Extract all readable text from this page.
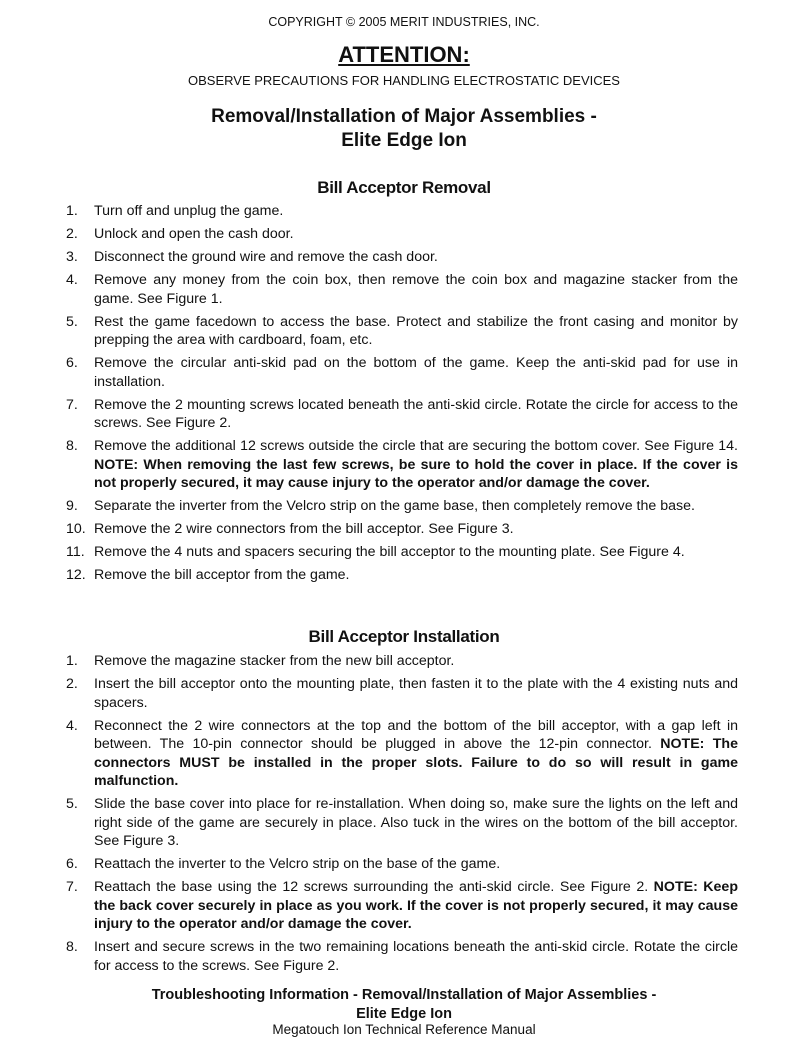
COPYRIGHT © 2005 MERIT INDUSTRIES, INC.
ATTENTION:
OBSERVE PRECAUTIONS FOR HANDLING ELECTROSTATIC DEVICES
Removal/Installation of Major Assemblies -
Elite Edge Ion
Bill Acceptor Removal
1. Turn off and unplug the game.
2. Unlock and open the cash door.
3. Disconnect the ground wire and remove the cash door.
4. Remove any money from the coin box, then remove the coin box and magazine stacker from the game. See Figure 1.
5. Rest the game facedown to access the base. Protect and stabilize the front casing and monitor by prepping the area with cardboard, foam, etc.
6. Remove the circular anti-skid pad on the bottom of the game. Keep the anti-skid pad for use in installation.
7. Remove the 2 mounting screws located beneath the anti-skid circle. Rotate the circle for access to the screws. See Figure 2.
8. Remove the additional 12 screws outside the circle that are securing the bottom cover. See Figure 14. NOTE: When removing the last few screws, be sure to hold the cover in place. If the cover is not properly secured, it may cause injury to the operator and/or damage the cover.
9. Separate the inverter from the Velcro strip on the game base, then completely remove the base.
10. Remove the 2 wire connectors from the bill acceptor. See Figure 3.
11. Remove the 4 nuts and spacers securing the bill acceptor to the mounting plate. See Figure 4.
12. Remove the bill acceptor from the game.
Bill Acceptor Installation
1. Remove the magazine stacker from the new bill acceptor.
2. Insert the bill acceptor onto the mounting plate, then fasten it to the plate with the 4 existing nuts and spacers.
4. Reconnect the 2 wire connectors at the top and the bottom of the bill acceptor, with a gap left in between. The 10-pin connector should be plugged in above the 12-pin connector. NOTE: The connectors MUST be installed in the proper slots. Failure to do so will result in game malfunction.
5. Slide the base cover into place for re-installation. When doing so, make sure the lights on the left and right side of the game are securely in place. Also tuck in the wires on the bottom of the bill acceptor. See Figure 3.
6. Reattach the inverter to the Velcro strip on the base of the game.
7. Reattach the base using the 12 screws surrounding the anti-skid circle. See Figure 2. NOTE: Keep the back cover securely in place as you work. If the cover is not properly secured, it may cause injury to the operator and/or damage the cover.
8. Insert and secure screws in the two remaining locations beneath the anti-skid circle. Rotate the circle for access to the screws. See Figure 2.
Troubleshooting Information - Removal/Installation of Major Assemblies -
Elite Edge Ion
Megatouch Ion Technical Reference Manual
